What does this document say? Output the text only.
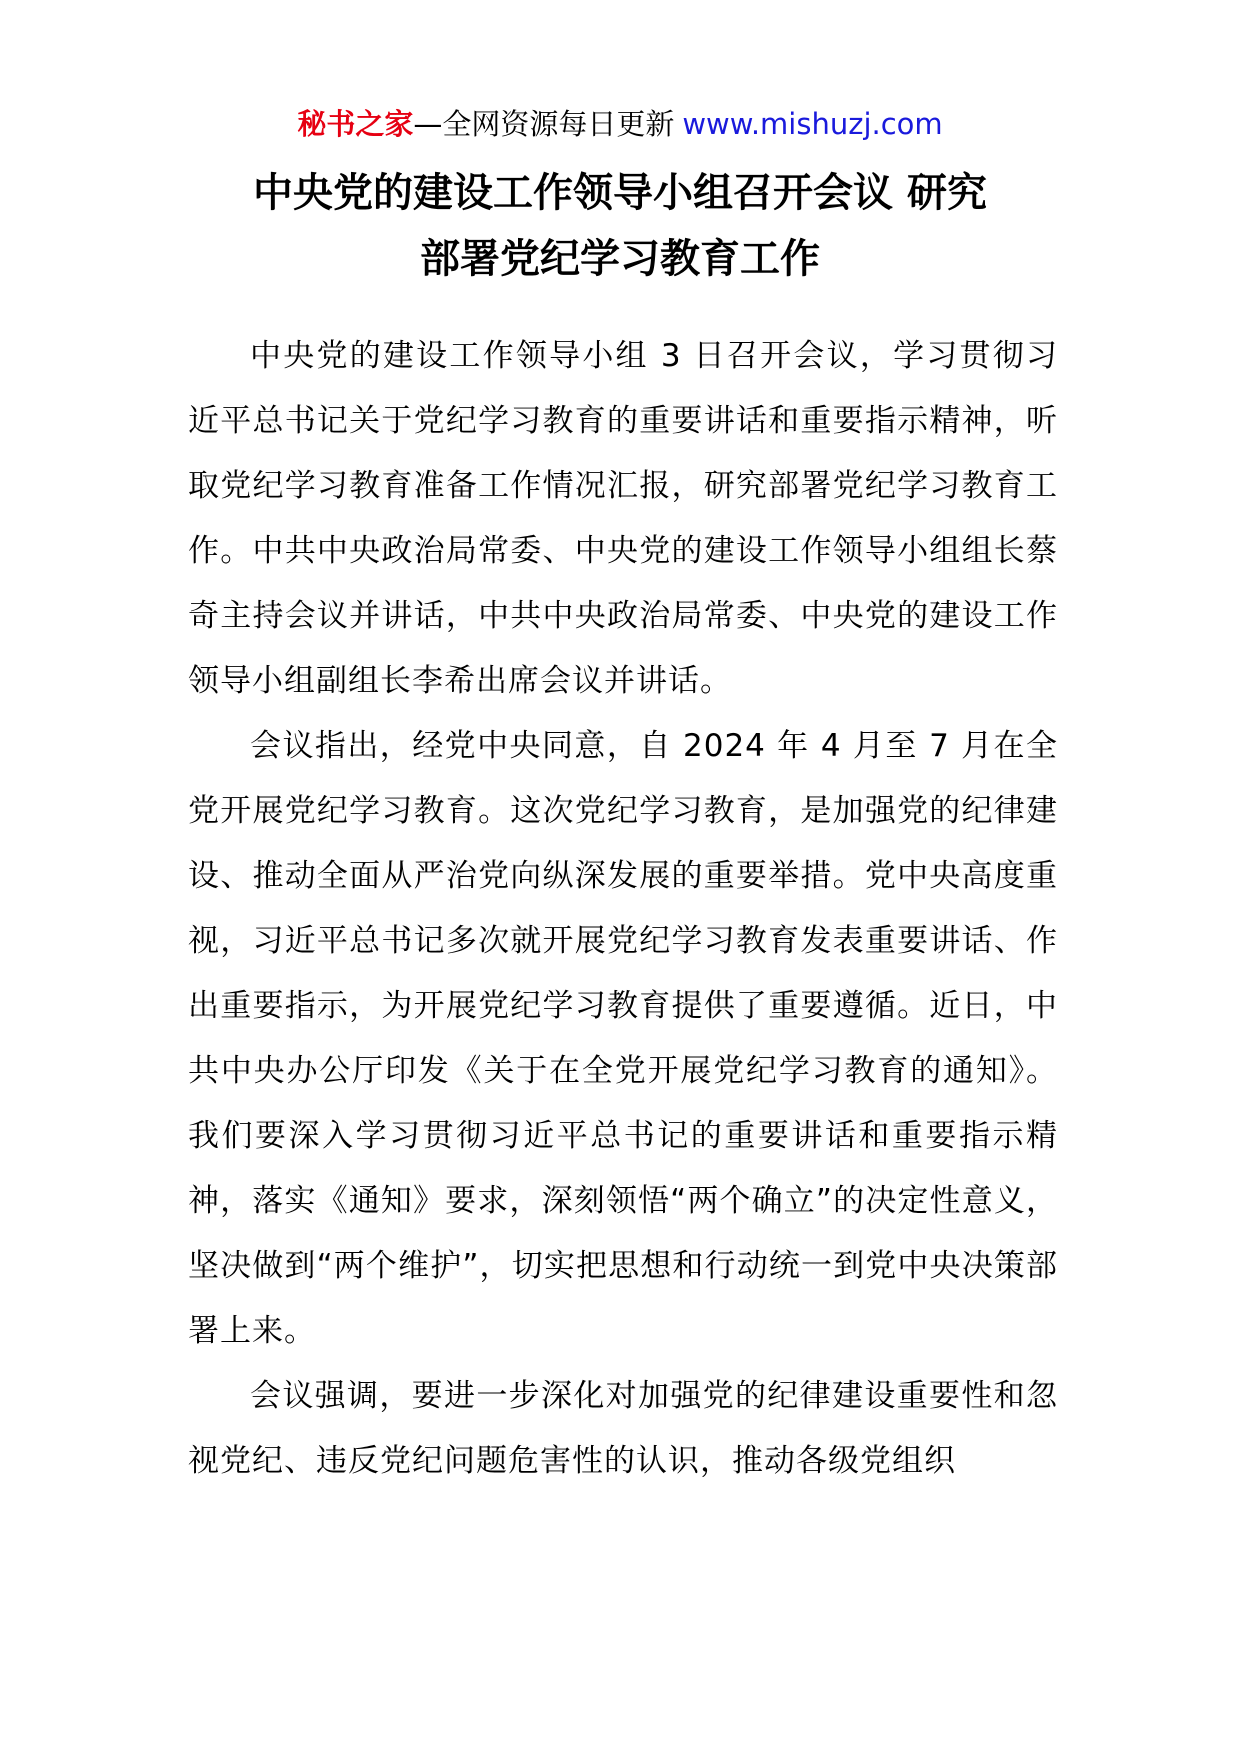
秘书之家—全网资源每日更新 www.mishuzj.com
中央党的建设工作领导小组召开会议 研究
部署党纪学习教育工作

中央党的建设工作领导小组 3 日召开会议，学习贯彻习近平总书记关于党纪学习教育的重要讲话和重要指示精神，听取党纪学习教育准备工作情况汇报，研究部署党纪学习教育工作。中共中央政治局常委、中央党的建设工作领导小组组长蔡奇主持会议并讲话，中共中央政治局常委、中央党的建设工作领导小组副组长李希出席会议并讲话。

会议指出，经党中央同意，自 2024 年 4 月至 7 月在全党开展党纪学习教育。这次党纪学习教育，是加强党的纪律建设、推动全面从严治党向纵深发展的重要举措。党中央高度重视，习近平总书记多次就开展党纪学习教育发表重要讲话、作出重要指示，为开展党纪学习教育提供了重要遵循。近日，中共中央办公厅印发《关于在全党开展党纪学习教育的通知》。我们要深入学习贯彻习近平总书记的重要讲话和重要指示精神，落实《通知》要求，深刻领悟“两个确立”的决定性意义，坚决做到“两个维护”，切实把思想和行动统一到党中央决策部署上来。

会议强调，要进一步深化对加强党的纪律建设重要性和忽视党纪、违反党纪问题危害性的认识，推动各级党组织
